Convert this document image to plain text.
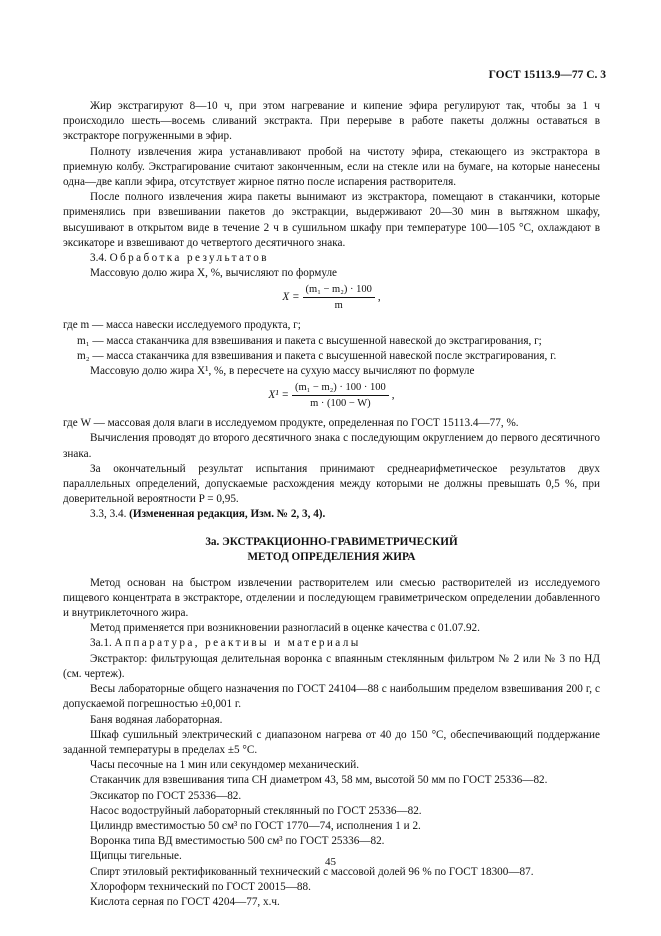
ГОСТ 15113.9—77 С. 3

Жир экстрагируют 8—10 ч, при этом нагревание и кипение эфира регулируют так, чтобы за 1 ч происходило шесть—восемь сливаний экстракта. При перерыве в работе пакеты должны оставаться в экстракторе погруженными в эфир.

Полноту извлечения жира устанавливают пробой на чистоту эфира, стекающего из экстрактора в приемную колбу. Экстрагирование считают законченным, если на стекле или на бумаге, на которые нанесены одна—две капли эфира, отсутствует жирное пятно после испарения растворителя.

После полного извлечения жира пакеты вынимают из экстрактора, помещают в стаканчики, которые применялись при взвешивании пакетов до экстракции, выдерживают 20—30 мин в вытяжном шкафу, высушивают в открытом виде в течение 2 ч в сушильном шкафу при температуре 100—105 °С, охлаждают в эксикаторе и взвешивают до четвертого десятичного знака.

3.4. Обработка результатов

Массовую долю жира X, %, вычисляют по формуле

$X = \frac{\text{(m₁ − m₂) · 100}}{m}$ ,

где m — масса навески исследуемого продукта, г;

m₁ — масса стаканчика для взвешивания и пакета с высушенной навеской до экстрагирования, г;

m₂ — масса стаканчика для взвешивания и пакета с высушенной навеской после экстрагирования, г.

Массовую долю жира X¹, %, в пересчете на сухую массу вычисляют по формуле

$X^1 = \frac{\text{(m₁ − m₂) · 100 · 100}}{m \cdot (100 - W)}$ ,

где W — массовая доля влаги в исследуемом продукте, определенная по ГОСТ 15113.4—77, %.

Вычисления проводят до второго десятичного знака с последующим округлением до первого десятичного знака.

За окончательный результат испытания принимают среднеарифметическое результатов двух параллельных определений, допускаемые расхождения между которыми не должны превышать 0,5 %, при доверительной вероятности P = 0,95.

3.3, 3.4. (Измененная редакция, Изм. № 2, 3, 4).

3а. ЭКСТРАКЦИОННО-ГРАВИМЕТРИЧЕСКИЙ
МЕТОД ОПРЕДЕЛЕНИЯ ЖИРА

Метод основан на быстром извлечении растворителем или смесью растворителей из исследуемого пищевого концентрата в экстракторе, отделении и последующем гравиметрическом определении добавленного и внутриклеточного жира.

Метод применяется при возникновении разногласий в оценке качества с 01.07.92.

3а.1. Аппаратура, реактивы и материалы

Экстрактор: фильтрующая делительная воронка с впаянным стеклянным фильтром № 2 или № 3 по НД (см. чертеж).

Весы лабораторные общего назначения по ГОСТ 24104—88 с наибольшим пределом взвешивания 200 г, с допускаемой погрешностью ±0,001 г.

Баня водяная лабораторная.

Шкаф сушильный электрический с диапазоном нагрева от 40 до 150 °С, обеспечивающий поддержание заданной температуры в пределах ±5 °С.

Часы песочные на 1 мин или секундомер механический.

Стаканчик для взвешивания типа СН диаметром 43, 58 мм, высотой 50 мм по ГОСТ 25336—82.

Эксикатор по ГОСТ 25336—82.

Насос водоструйный лабораторный стеклянный по ГОСТ 25336—82.

Цилиндр вместимостью 50 см³ по ГОСТ 1770—74, исполнения 1 и 2.

Воронка типа ВД вместимостью 500 см³ по ГОСТ 25336—82.

Щипцы тигельные.

Спирт этиловый ректификованный технический с массовой долей 96 % по ГОСТ 18300—87.

Хлороформ технический по ГОСТ 20015—88.

Кислота серная по ГОСТ 4204—77, х.ч.

45
